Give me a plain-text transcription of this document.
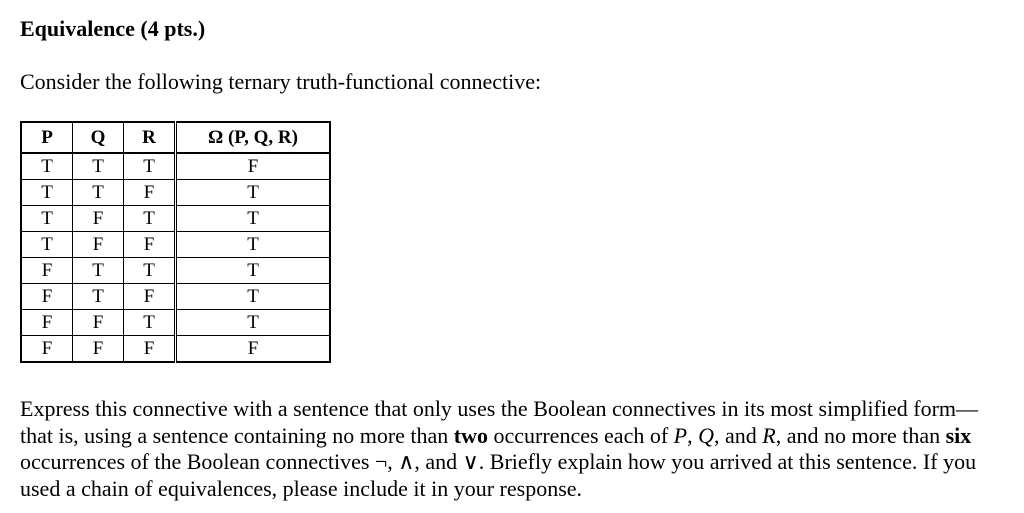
Equivalence (4 pts.)
Consider the following ternary truth-functional connective:
P	Q	R	Ω (P, Q, R)
T	T	T	F
T	T	F	T
T	F	T	T
T	F	F	T
F	T	T	T
F	T	F	T
F	F	T	T
F	F	F	F
Express this connective with a sentence that only uses the Boolean connectives in its most simplified form—that is, using a sentence containing no more than two occurrences each of P, Q, and R, and no more than six occurrences of the Boolean connectives ¬, ∧, and ∨. Briefly explain how you arrived at this sentence. If you used a chain of equivalences, please include it in your response.
